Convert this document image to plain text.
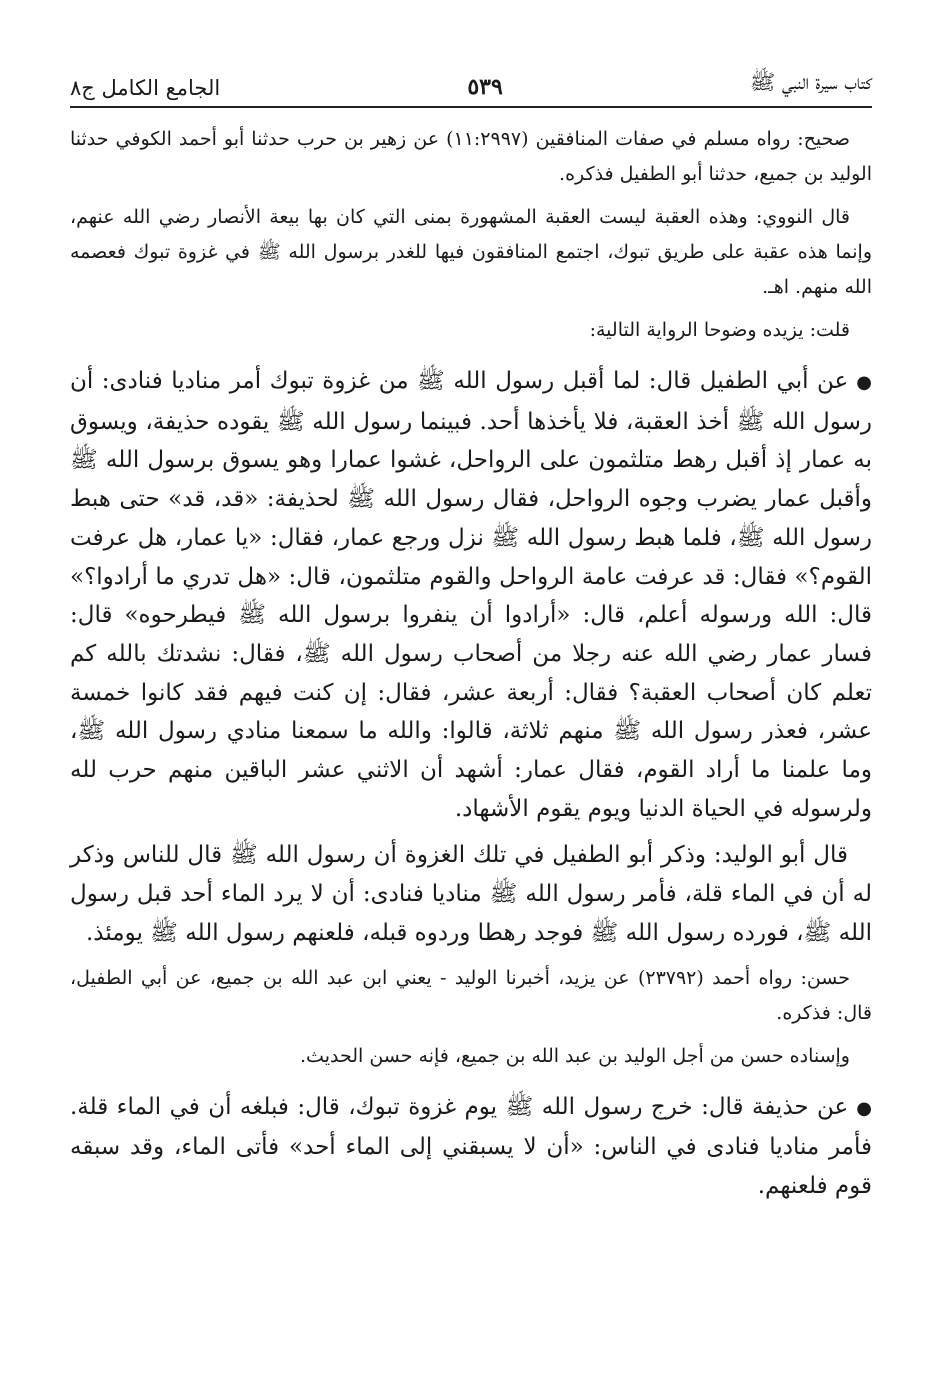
كتاب سيرة النبي ﷺ
٥٣٩
الجامع الكامل ج٨

صحيح: رواه مسلم في صفات المنافقين (١١:٢٩٩٧) عن زهير بن حرب حدثنا أبو أحمد الكوفي حدثنا الوليد بن جميع، حدثنا أبو الطفيل فذكره.

قال النووي: وهذه العقبة ليست العقبة المشهورة بمنى التي كان بها بيعة الأنصار رضي الله عنهم، وإنما هذه عقبة على طريق تبوك، اجتمع المنافقون فيها للغدر برسول الله ﷺ في غزوة تبوك فعصمه الله منهم. اهـ.

قلت: يزيده وضوحا الرواية التالية:

●عن أبي الطفيل قال: لما أقبل رسول الله ﷺ من غزوة تبوك أمر مناديا فنادى: أن رسول الله ﷺ أخذ العقبة، فلا يأخذها أحد. فبينما رسول الله ﷺ يقوده حذيفة، ويسوق به عمار إذ أقبل رهط متلثمون على الرواحل، غشوا عمارا وهو يسوق برسول الله ﷺ وأقبل عمار يضرب وجوه الرواحل، فقال رسول الله ﷺ لحذيفة: «قد، قد» حتى هبط رسول الله ﷺ، فلما هبط رسول الله ﷺ نزل ورجع عمار، فقال: «يا عمار، هل عرفت القوم؟» فقال: قد عرفت عامة الرواحل والقوم متلثمون، قال: «هل تدري ما أرادوا؟» قال: الله ورسوله أعلم، قال: «أرادوا أن ينفروا برسول الله ﷺ فيطرحوه» قال: فسار عمار رضي الله عنه رجلا من أصحاب رسول الله ﷺ، فقال: نشدتك بالله كم تعلم كان أصحاب العقبة؟ فقال: أربعة عشر، فقال: إن كنت فيهم فقد كانوا خمسة عشر، فعذر رسول الله ﷺ منهم ثلاثة، قالوا: والله ما سمعنا منادي رسول الله ﷺ، وما علمنا ما أراد القوم، فقال عمار: أشهد أن الاثني عشر الباقين منهم حرب لله ولرسوله في الحياة الدنيا ويوم يقوم الأشهاد.

قال أبو الوليد: وذكر أبو الطفيل في تلك الغزوة أن رسول الله ﷺ قال للناس وذكر له أن في الماء قلة، فأمر رسول الله ﷺ مناديا فنادى: أن لا يرد الماء أحد قبل رسول الله ﷺ، فورده رسول الله ﷺ فوجد رهطا وردوه قبله، فلعنهم رسول الله ﷺ يومئذ.

حسن: رواه أحمد (٢٣٧٩٢) عن يزيد، أخبرنا الوليد - يعني ابن عبد الله بن جميع، عن أبي الطفيل، قال: فذكره.

وإسناده حسن من أجل الوليد بن عبد الله بن جميع، فإنه حسن الحديث.

●عن حذيفة قال: خرج رسول الله ﷺ يوم غزوة تبوك، قال: فبلغه أن في الماء قلة. فأمر مناديا فنادى في الناس: «أن لا يسبقني إلى الماء أحد» فأتى الماء، وقد سبقه قوم فلعنهم.
